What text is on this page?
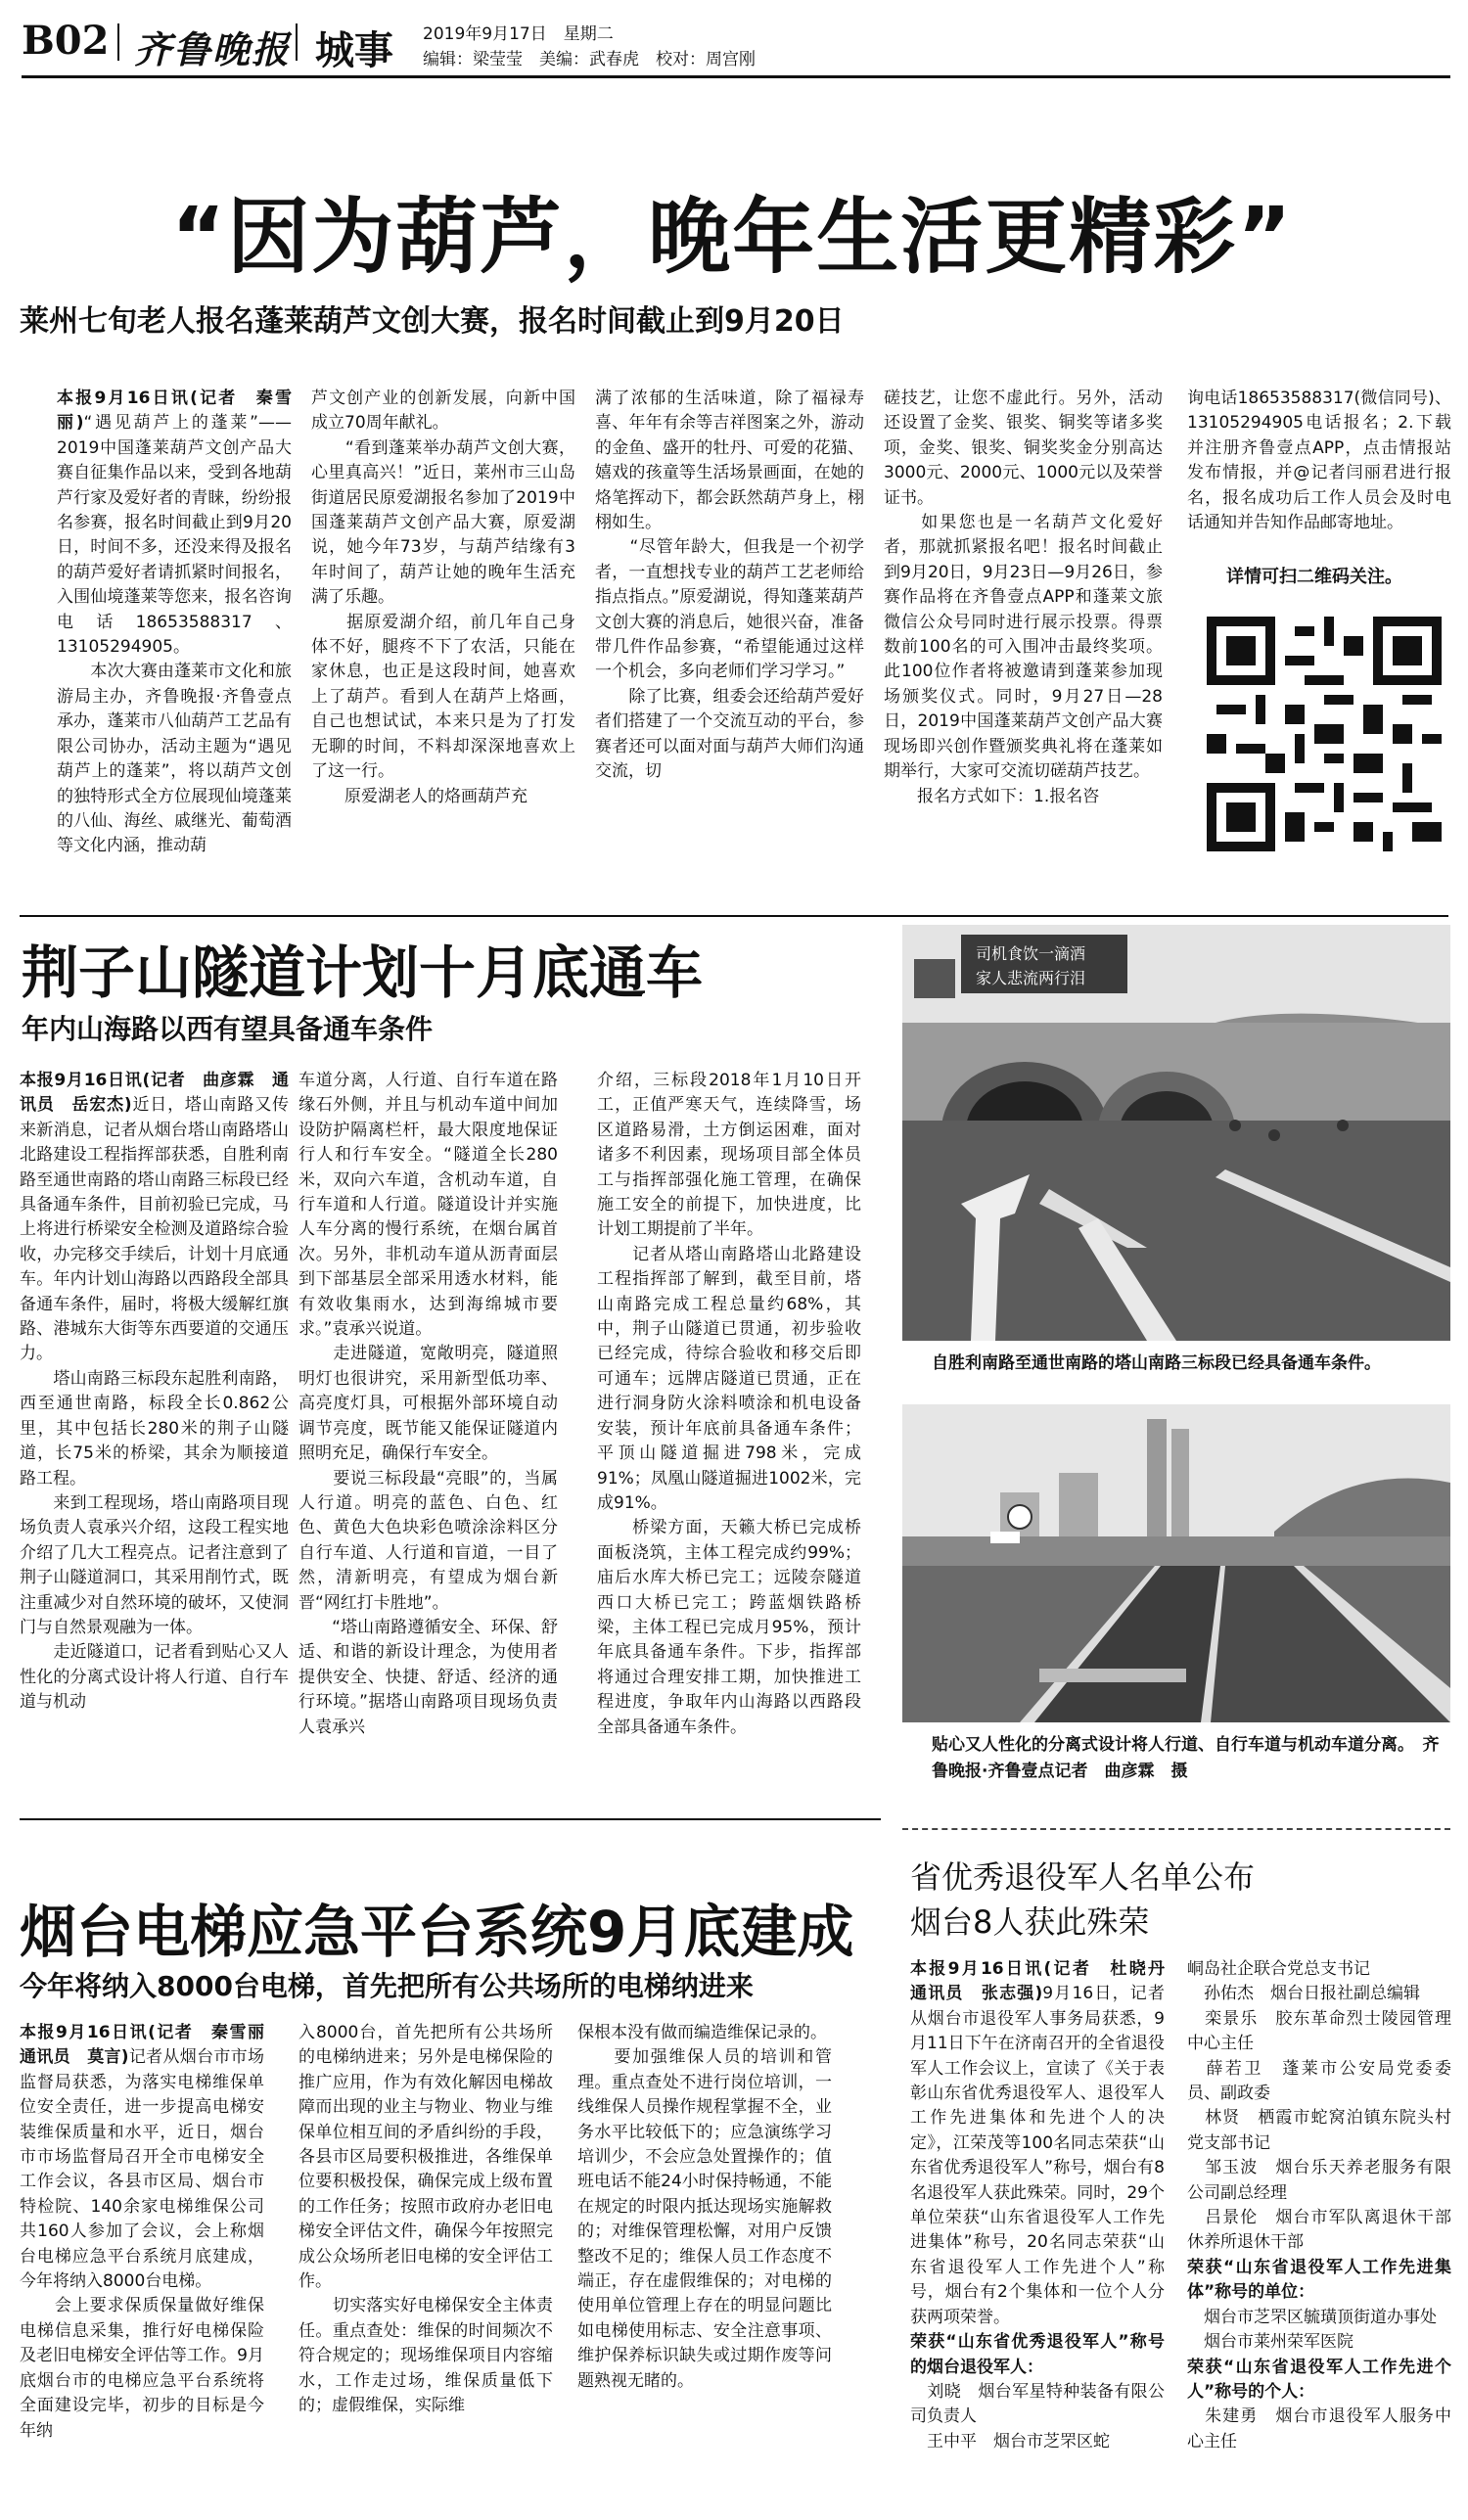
B02 齐鲁晚报 城事 2019年9月17日　星期二
编辑：梁莹莹　美编：武春虎　校对：周宫刚
“因为葫芦，晚年生活更精彩”
莱州七旬老人报名蓬莱葫芦文创大赛，报名时间截止到9月20日
本报9月16日讯(记者　秦雪丽)“遇见葫芦上的蓬莱”——2019中国蓬莱葫芦文创产品大赛自征集作品以来，受到各地葫芦行家及爱好者的青睐，纷纷报名参赛，报名时间截止到9月20日，时间不多，还没来得及报名的葫芦爱好者请抓紧时间报名，入围仙境蓬莱等您来，报名咨询电话18653588317、13105294905。
　　本次大赛由蓬莱市文化和旅游局主办，齐鲁晚报·齐鲁壹点承办，蓬莱市八仙葫芦工艺品有限公司协办，活动主题为“遇见葫芦上的蓬莱”，将以葫芦文创的独特形式全方位展现仙境蓬莱的八仙、海丝、戚继光、葡萄酒等文化内涵，推动葫
芦文创产业的创新发展，向新中国成立70周年献礼。
　　“看到蓬莱举办葫芦文创大赛，心里真高兴！”近日，莱州市三山岛街道居民原爱湖报名参加了2019中国蓬莱葫芦文创产品大赛，原爱湖说，她今年73岁，与葫芦结缘有3年时间了，葫芦让她的晚年生活充满了乐趣。
　　据原爱湖介绍，前几年自己身体不好，腿疼不下了农活，只能在家休息，也正是这段时间，她喜欢上了葫芦。看到人在葫芦上烙画，自己也想试试，本来只是为了打发无聊的时间，不料却深深地喜欢上了这一行。
　　原爱湖老人的烙画葫芦充
满了浓郁的生活味道，除了福禄寿喜、年年有余等吉祥图案之外，游动的金鱼、盛开的牡丹、可爱的花猫、嬉戏的孩童等生活场景画面，在她的烙笔挥动下，都会跃然葫芦身上，栩栩如生。
　　“尽管年龄大，但我是一个初学者，一直想找专业的葫芦工艺老师给指点指点。”原爱湖说，得知蓬莱葫芦文创大赛的消息后，她很兴奋，准备带几件作品参赛，“希望能通过这样一个机会，多向老师们学习学习。”
　　除了比赛，组委会还给葫芦爱好者们搭建了一个交流互动的平台，参赛者还可以面对面与葫芦大师们沟通交流，切
磋技艺，让您不虚此行。另外，活动还设置了金奖、银奖、铜奖等诸多奖项，金奖、银奖、铜奖奖金分别高达3000元、2000元、1000元以及荣誉证书。
　　如果您也是一名葫芦文化爱好者，那就抓紧报名吧！报名时间截止到9月20日，9月23日—9月26日，参赛作品将在齐鲁壹点APP和蓬莱文旅微信公众号同时进行展示投票。得票数前100名的可入围冲击最终奖项。此100位作者将被邀请到蓬莱参加现场颁奖仪式。同时，9月27日—28日，2019中国蓬莱葫芦文创产品大赛现场即兴创作暨颁奖典礼将在蓬莱如期举行，大家可交流切磋葫芦技艺。
　　报名方式如下：1.报名咨
询电话18653588317(微信同号)、13105294905电话报名；2.下载并注册齐鲁壹点APP，点击情报站发布情报，并@记者闫丽君进行报名，报名成功后工作人员会及时电话通知并告知作品邮寄地址。
详情可扫二维码关注。
荆子山隧道计划十月底通车
年内山海路以西有望具备通车条件
本报9月16日讯(记者　曲彦霖　通讯员　岳宏杰)近日，塔山南路又传来新消息，记者从烟台塔山南路塔山北路建设工程指挥部获悉，自胜利南路至通世南路的塔山南路三标段已经具备通车条件，目前初验已完成，马上将进行桥梁安全检测及道路综合验收，办完移交手续后，计划十月底通车。年内计划山海路以西路段全部具备通车条件，届时，将极大缓解红旗路、港城东大街等东西要道的交通压力。
　　塔山南路三标段东起胜利南路，西至通世南路，标段全长0.862公里，其中包括长280米的荆子山隧道，长75米的桥梁，其余为顺接道路工程。
　　来到工程现场，塔山南路项目现场负责人袁承兴介绍，这段工程实地介绍了几大工程亮点。记者注意到了荆子山隧道洞口，其采用削竹式，既注重减少对自然环境的破坏，又使洞门与自然景观融为一体。
　　走近隧道口，记者看到贴心又人性化的分离式设计将人行道、自行车道与机动
车道分离，人行道、自行车道在路缘石外侧，并且与机动车道中间加设防护隔离栏杆，最大限度地保证行人和行车安全。“隧道全长280米，双向六车道，含机动车道，自行车道和人行道。隧道设计并实施人车分离的慢行系统，在烟台属首次。另外，非机动车道从沥青面层到下部基层全部采用透水材料，能有效收集雨水，达到海绵城市要求。”袁承兴说道。
　　走进隧道，宽敞明亮，隧道照明灯也很讲究，采用新型低功率、高亮度灯具，可根据外部环境自动调节亮度，既节能又能保证隧道内照明充足，确保行车安全。
　　要说三标段最“亮眼”的，当属人行道。明亮的蓝色、白色、红色、黄色大色块彩色喷涂涂料区分自行车道、人行道和盲道，一目了然，清新明亮，有望成为烟台新晋“网红打卡胜地”。
　　“塔山南路遵循安全、环保、舒适、和谐的新设计理念，为使用者提供安全、快捷、舒适、经济的通行环境。”据塔山南路项目现场负责人袁承兴
介绍，三标段2018年1月10日开工，正值严寒天气，连续降雪，场区道路易滑，土方倒运困难，面对诸多不利因素，现场项目部全体员工与指挥部强化施工管理，在确保施工安全的前提下，加快进度，比计划工期提前了半年。
　　记者从塔山南路塔山北路建设工程指挥部了解到，截至目前，塔山南路完成工程总量约68%，其中，荆子山隧道已贯通，初步验收已经完成，待综合验收和移交后即可通车；远牌店隧道已贯通，正在进行洞身防火涂料喷涂和机电设备安装，预计年底前具备通车条件；平顶山隧道掘进798米，完成91%；凤凰山隧道掘进1002米，完成91%。
　　桥梁方面，天籁大桥已完成桥面板浇筑，主体工程完成约99%；庙后水库大桥已完工；远陵奈隧道西口大桥已完工；跨蓝烟铁路桥梁，主体工程已完成月95%，预计年底具备通车条件。下步，指挥部将通过合理安排工期，加快推进工程进度，争取年内山海路以西路段全部具备通车条件。
司机食饮一滴酒
家人悲流两行泪
自胜利南路至通世南路的塔山南路三标段已经具备通车条件。
贴心又人性化的分离式设计将人行道、自行车道与机动车道分离。　齐鲁晚报·齐鲁壹点记者　曲彦霖　摄
烟台电梯应急平台系统9月底建成
今年将纳入8000台电梯，首先把所有公共场所的电梯纳进来
本报9月16日讯(记者　秦雪丽　通讯员　莫言)记者从烟台市市场监督局获悉，为落实电梯维保单位安全责任，进一步提高电梯安装维保质量和水平，近日，烟台市市场监督局召开全市电梯安全工作会议，各县市区局、烟台市特检院、140余家电梯维保公司共160人参加了会议，会上称烟台电梯应急平台系统月底建成，今年将纳入8000台电梯。
　　会上要求保质保量做好维保电梯信息采集，推行好电梯保险及老旧电梯安全评估等工作。9月底烟台市的电梯应急平台系统将全面建设完毕，初步的目标是今年纳
入8000台，首先把所有公共场所的电梯纳进来；另外是电梯保险的推广应用，作为有效化解因电梯故障而出现的业主与物业、物业与维保单位相互间的矛盾纠纷的手段，各县市区局要积极推进，各维保单位要积极投保，确保完成上级布置的工作任务；按照市政府办老旧电梯安全评估文件，确保今年按照完成公众场所老旧电梯的安全评估工作。
　　切实落实好电梯保安全主体责任。重点查处：维保的时间频次不符合规定的；现场维保项目内容缩水，工作走过场，维保质量低下的；虚假维保，实际维
保根本没有做而编造维保记录的。
　　要加强维保人员的培训和管理。重点查处不进行岗位培训，一线维保人员操作规程掌握不全，业务水平比较低下的；应急演练学习培训少，不会应急处置操作的；值班电话不能24小时保持畅通，不能在规定的时限内抵达现场实施解救的；对维保管理松懈，对用户反馈整改不足的；维保人员工作态度不端正，存在虚假维保的；对电梯的使用单位管理上存在的明显问题比如电梯使用标志、安全注意事项、维护保养标识缺失或过期作废等问题熟视无睹的。
省优秀退役军人名单公布
烟台8人获此殊荣
本报9月16日讯(记者　杜晓丹　通讯员　张志强)9月16日，记者从烟台市退役军人事务局获悉，9月11日下午在济南召开的全省退役军人工作会议上，宣读了《关于表彰山东省优秀退役军人、退役军人工作先进集体和先进个人的决定》，江荣茂等100名同志荣获“山东省优秀退役军人”称号，烟台有8名退役军人获此殊荣。同时，29个单位荣获“山东省退役军人工作先进集体”称号，20名同志荣获“山东省退役军人工作先进个人”称号，烟台有2个集体和一位个人分获两项荣誉。
荣获“山东省优秀退役军人”称号的烟台退役军人：
　刘晓　烟台军星特种装备有限公司负责人
　王中平　烟台市芝罘区蛇
峒岛社企联合党总支书记
　孙佑杰　烟台日报社副总编辑
　栾景乐　胶东革命烈士陵园管理中心主任
　薛若卫　蓬莱市公安局党委委员、副政委
　林贤　栖霞市蛇窝泊镇东院头村党支部书记
　邹玉波　烟台乐天养老服务有限公司副总经理
　吕景伦　烟台市军队离退休干部休养所退休干部
荣获“山东省退役军人工作先进集体”称号的单位：
　烟台市芝罘区毓璜顶街道办事处
　烟台市莱州荣军医院
荣获“山东省退役军人工作先进个人”称号的个人：
　朱建勇　烟台市退役军人服务中心主任
